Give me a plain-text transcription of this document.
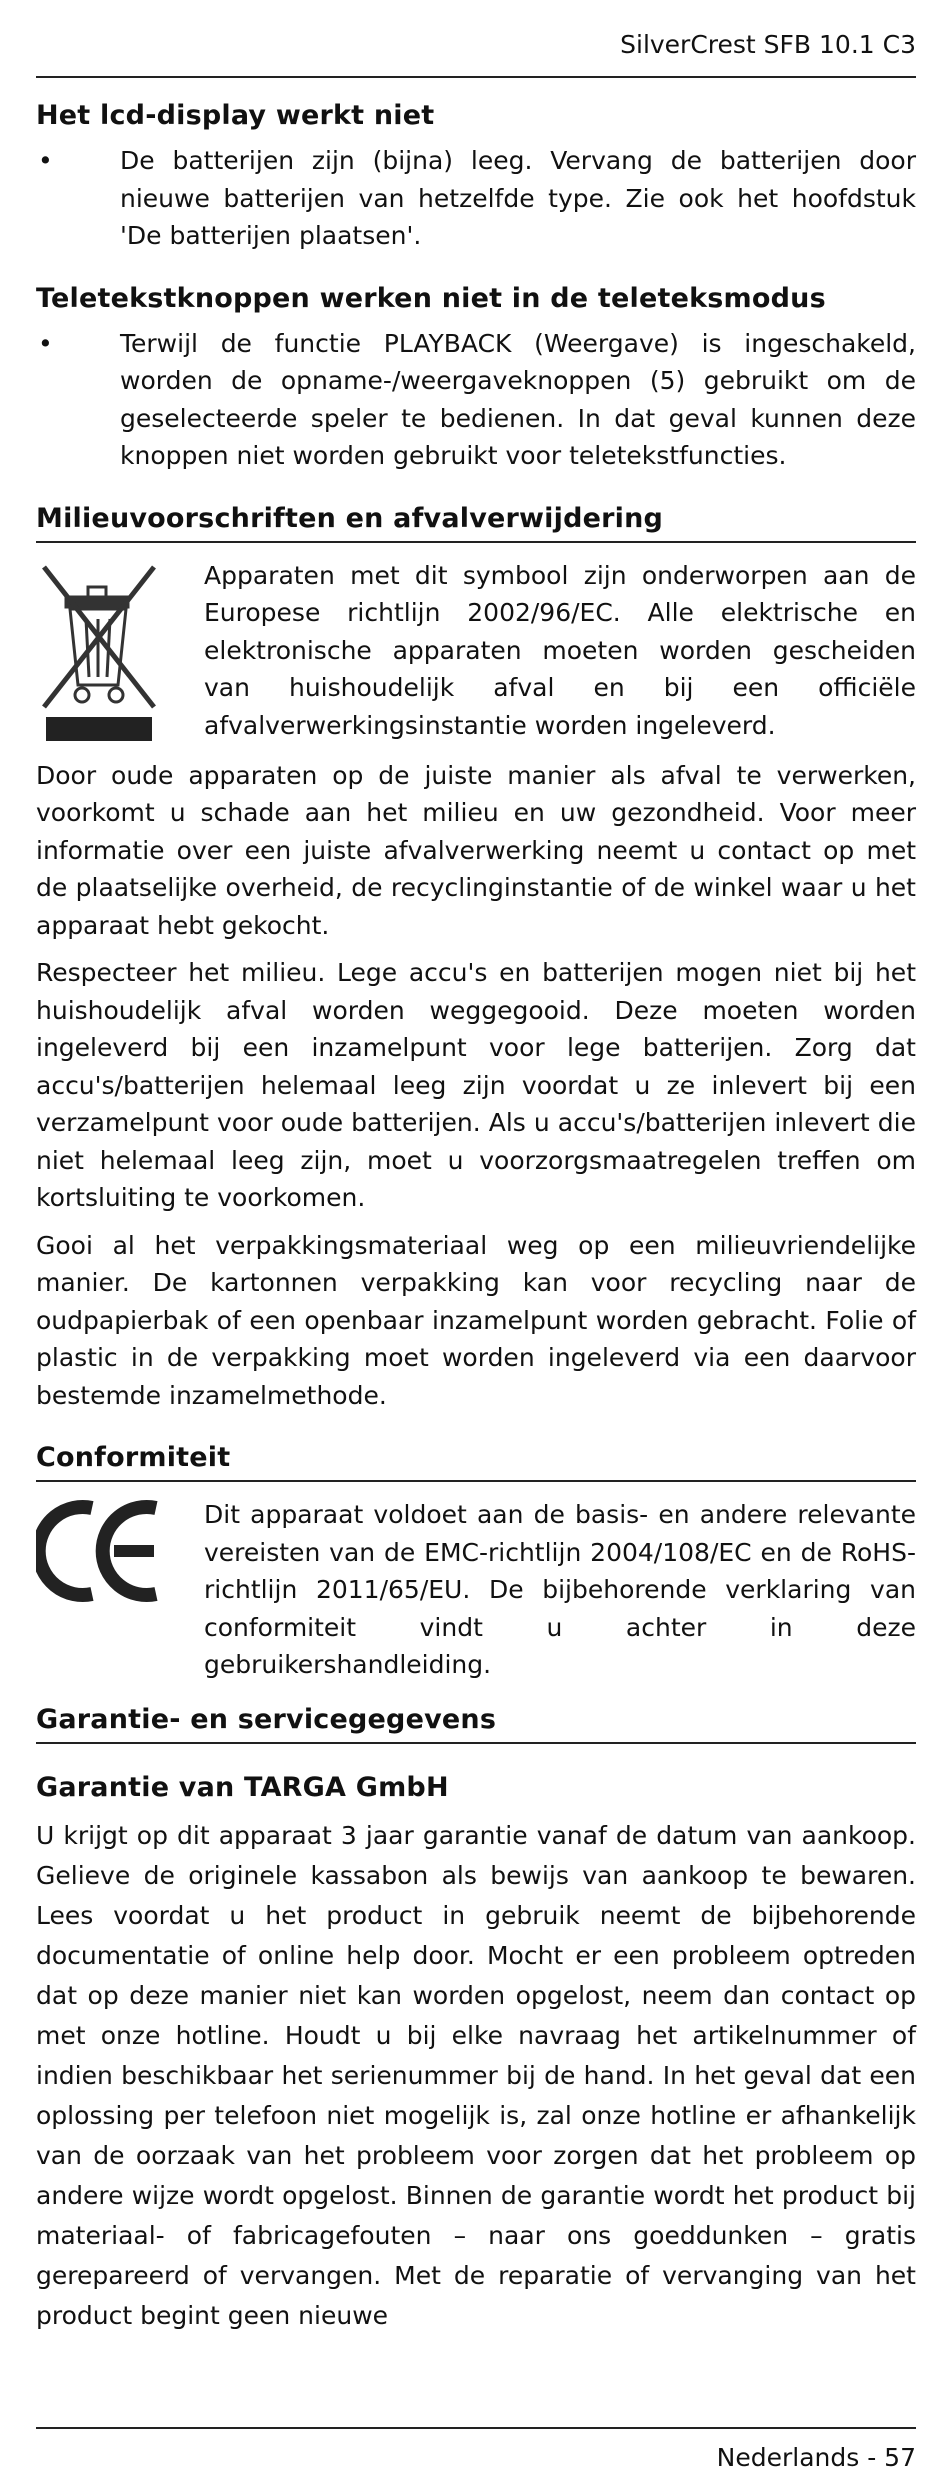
SilverCrest SFB 10.1 C3
Het lcd-display werkt niet
•	De batterijen zijn (bijna) leeg. Vervang de batterijen door nieuwe batterijen van hetzelfde type. Zie ook het hoofdstuk 'De batterijen plaatsen'.
Teletekstknoppen werken niet in de teleteksmodus
•	Terwijl de functie PLAYBACK (Weergave) is ingeschakeld, worden de opname-/weergaveknoppen (5) gebruikt om de geselecteerde speler te bedienen. In dat geval kunnen deze knoppen niet worden gebruikt voor teletekstfuncties.
Milieuvoorschriften en afvalverwijdering

Apparaten met dit symbool zijn onderworpen aan de Europese richtlijn 2002/96/EC. Alle elektrische en elektronische apparaten moeten worden gescheiden van huishoudelijk afval en bij een officiële afvalverwerkingsinstantie worden ingeleverd.

Door oude apparaten op de juiste manier als afval te verwerken, voorkomt u schade aan het milieu en uw gezondheid. Voor meer informatie over een juiste afvalverwerking neemt u contact op met de plaatselijke overheid, de recyclinginstantie of de winkel waar u het apparaat hebt gekocht.

Respecteer het milieu. Lege accu's en batterijen mogen niet bij het huishoudelijk afval worden weggegooid. Deze moeten worden ingeleverd bij een inzamelpunt voor lege batterijen. Zorg dat accu's/batterijen helemaal leeg zijn voordat u ze inlevert bij een verzamelpunt voor oude batterijen. Als u accu's/batterijen inlevert die niet helemaal leeg zijn, moet u voorzorgsmaatregelen treffen om kortsluiting te voorkomen.

Gooi al het verpakkingsmateriaal weg op een milieuvriendelijke manier. De kartonnen verpakking kan voor recycling naar de oudpapierbak of een openbaar inzamelpunt worden gebracht. Folie of plastic in de verpakking moet worden ingeleverd via een daarvoor bestemde inzamelmethode.

Conformiteit

Dit apparaat voldoet aan de basis- en andere relevante vereisten van de EMC-richtlijn 2004/108/EC en de RoHS-richtlijn 2011/65/EU. De bijbehorende verklaring van conformiteit vindt u achter in deze gebruikershandleiding.

Garantie- en servicegegevens
Garantie van TARGA GmbH

U krijgt op dit apparaat 3 jaar garantie vanaf de datum van aankoop. Gelieve de originele kassabon als bewijs van aankoop te bewaren. Lees voordat u het product in gebruik neemt de bijbehorende documentatie of online help door. Mocht er een probleem optreden dat op deze manier niet kan worden opgelost, neem dan contact op met onze hotline. Houdt u bij elke navraag het artikelnummer of indien beschikbaar het serienummer bij de hand. In het geval dat een oplossing per telefoon niet mogelijk is, zal onze hotline er afhankelijk van de oorzaak van het probleem voor zorgen dat het probleem op andere wijze wordt opgelost. Binnen de garantie wordt het product bij materiaal- of fabricagefouten – naar ons goeddunken – gratis gerepareerd of vervangen. Met de reparatie of vervanging van het product begint geen nieuwe

Nederlands - 57
